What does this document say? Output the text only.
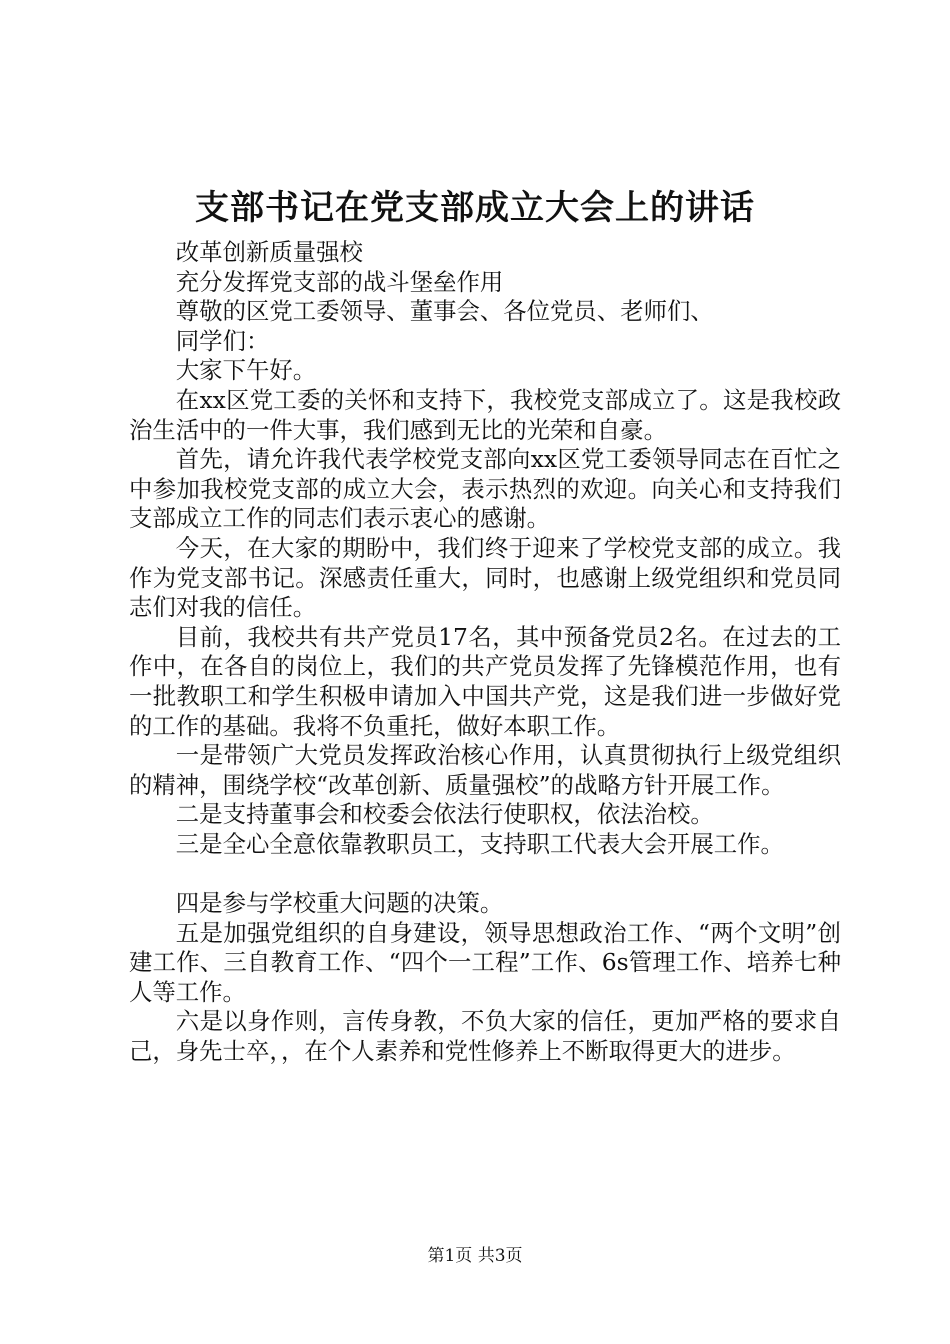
支部书记在党支部成立大会上的讲话

改革创新质量强校

充分发挥党支部的战斗堡垒作用

尊敬的区党工委领导、董事会、各位党员、老师们、

同学们：

大家下午好。

在xx区党工委的关怀和支持下，我校党支部成立了。这是我校政治生活中的一件大事，我们感到无比的光荣和自豪。

首先，请允许我代表学校党支部向xx区党工委领导同志在百忙之中参加我校党支部的成立大会，表示热烈的欢迎。向关心和支持我们支部成立工作的同志们表示衷心的感谢。

今天，在大家的期盼中，我们终于迎来了学校党支部的成立。我作为党支部书记。深感责任重大，同时，也感谢上级党组织和党员同志们对我的信任。

目前，我校共有共产党员17名，其中预备党员2名。在过去的工作中，在各自的岗位上，我们的共产党员发挥了先锋模范作用，也有一批教职工和学生积极申请加入中国共产党，这是我们进一步做好党的工作的基础。我将不负重托，做好本职工作。

一是带领广大党员发挥政治核心作用，认真贯彻执行上级党组织的精神，围绕学校“改革创新、质量强校”的战略方针开展工作。

二是支持董事会和校委会依法行使职权，依法治校。

三是全心全意依靠教职员工，支持职工代表大会开展工作。

四是参与学校重大问题的决策。

五是加强党组织的自身建设，领导思想政治工作、“两个文明”创建工作、三自教育工作、“四个一工程”工作、6s管理工作、培养七种人等工作。

六是以身作则，言传身教，不负大家的信任，更加严格的要求自己，身先士卒，，在个人素养和党性修养上不断取得更大的进步。

第1页 共3页
